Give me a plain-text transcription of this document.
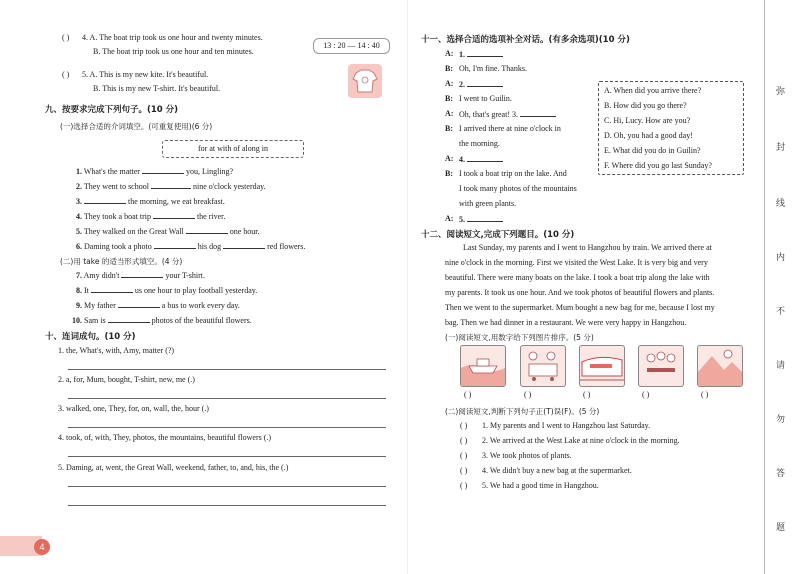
( ) 4. A. The boat trip took us one hour and twenty minutes.
B. The boat trip took us one hour and ten minutes.
13 : 20 — 14 : 40
( ) 5. A. This is my new kite. It's beautiful.
B. This is my new T-shirt. It's beautiful.
九、按要求完成下列句子。(10 分)
(一)选择合适的介词填空。(可重复使用)(6 分)
for at with of along in
1. What's the matter	you, Lingling?
2. They went to school	nine o'clock yesterday.
3.	the morning, we eat breakfast.
4. They took a boat trip	the river.
5. They walked on the Great Wall	one hour.
6. Daming took a photo	his dog	red flowers.
(二)用 take 的适当形式填空。(4 分)
7. Amy didn't	your T-shirt.
8. It	us one hour to play football yesterday.
9. My father	a bus to work every day.
10. Sam is	photos of the beautiful flowers.
十、连词成句。(10 分)
1. the, What's, with, Amy, matter (?)
2. a, for, Mum, bought, T-shirt, new, me (.)
3. walked, one, They, for, on, wall, the, hour (.)
4. took, of, with, They, photos, the mountains, beautiful flowers (.)
5. Daming, at, went, the Great Wall, weekend, father, to, and, his, the (.)
4
十一、选择合适的选项补全对话。(有多余选项)(10 分)
A: 1.
B: Oh, I'm fine. Thanks.
A: 2.
B: I went to Guilin.
A: Oh, that's great! 3.
B: I arrived there at nine o'clock in
the morning.
A: 4.
B: I took a boat trip on the lake. And
I took many photos of the mountains
with green plants.
A: 5.
A. When did you arrive there?
B. How did you go there?
C. Hi, Lucy. How are you?
D. Oh, you had a good day!
E. What did you do in Guilin?
F. Where did you go last Sunday?
十二、阅读短文,完成下列题目。(10 分)
Last Sunday, my parents and I went to Hangzhou by train. We arrived there at
nine o'clock in the morning. First we visited the West Lake. It is very big and very
beautiful. There were many boats on the lake. I took a boat trip along the lake with
my parents. It took us one hour. And we took photos of beautiful flowers and plants.
Then we went to the supermarket. Mum bought a new bag for me, because I lost my
bag. Then we had dinner in a restaurant. We were very happy in Hangzhou.
(一)阅读短文,用数字给下列图片排序。(5 分)
( )	( )	( )	( )	( )
(二)阅读短文,判断下列句子正(T)误(F)。(5 分)
( ) 1. My parents and I went to Hangzhou last Saturday.
( ) 2. We arrived at the West Lake at nine o'clock in the morning.
( ) 3. We took photos of plants.
( ) 4. We didn't buy a new bag at the supermarket.
( ) 5. We had a good time in Hangzhou.
弥
封
线
内
不
请
勿
答
题
